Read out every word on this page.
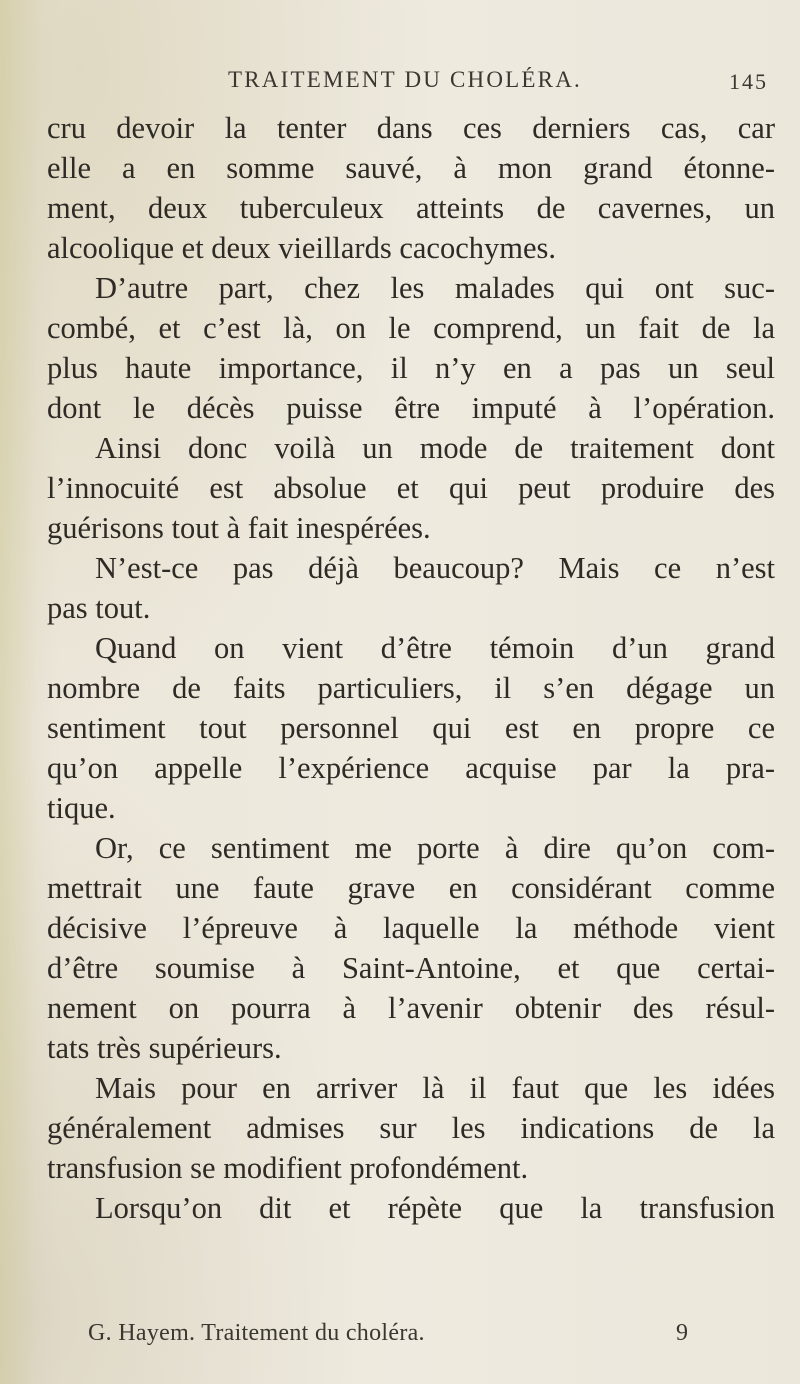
TRAITEMENT DU CHOLÉRA.	145
cru devoir la tenter dans ces derniers cas, car
elle a en somme sauvé, à mon grand étonne-
ment, deux tuberculeux atteints de cavernes, un
alcoolique et deux vieillards cacochymes.
D’autre part, chez les malades qui ont suc-
combé, et c’est là, on le comprend, un fait de la
plus haute importance, il n’y en a pas un seul
dont le décès puisse être imputé à l’opération.
Ainsi donc voilà un mode de traitement dont
l’innocuité est absolue et qui peut produire des
guérisons tout à fait inespérées.
N’est-ce pas déjà beaucoup? Mais ce n’est
pas tout.
Quand on vient d’être témoin d’un grand
nombre de faits particuliers, il s’en dégage un
sentiment tout personnel qui est en propre ce
qu’on appelle l’expérience acquise par la pra-
tique.
Or, ce sentiment me porte à dire qu’on com-
mettrait une faute grave en considérant comme
décisive l’épreuve à laquelle la méthode vient
d’être soumise à Saint-Antoine, et que certai-
nement on pourra à l’avenir obtenir des résul-
tats très supérieurs.
Mais pour en arriver là il faut que les idées
généralement admises sur les indications de la
transfusion se modifient profondément.
Lorsqu’on dit et répète que la transfusion
G. Hayem. Traitement du choléra.	9
